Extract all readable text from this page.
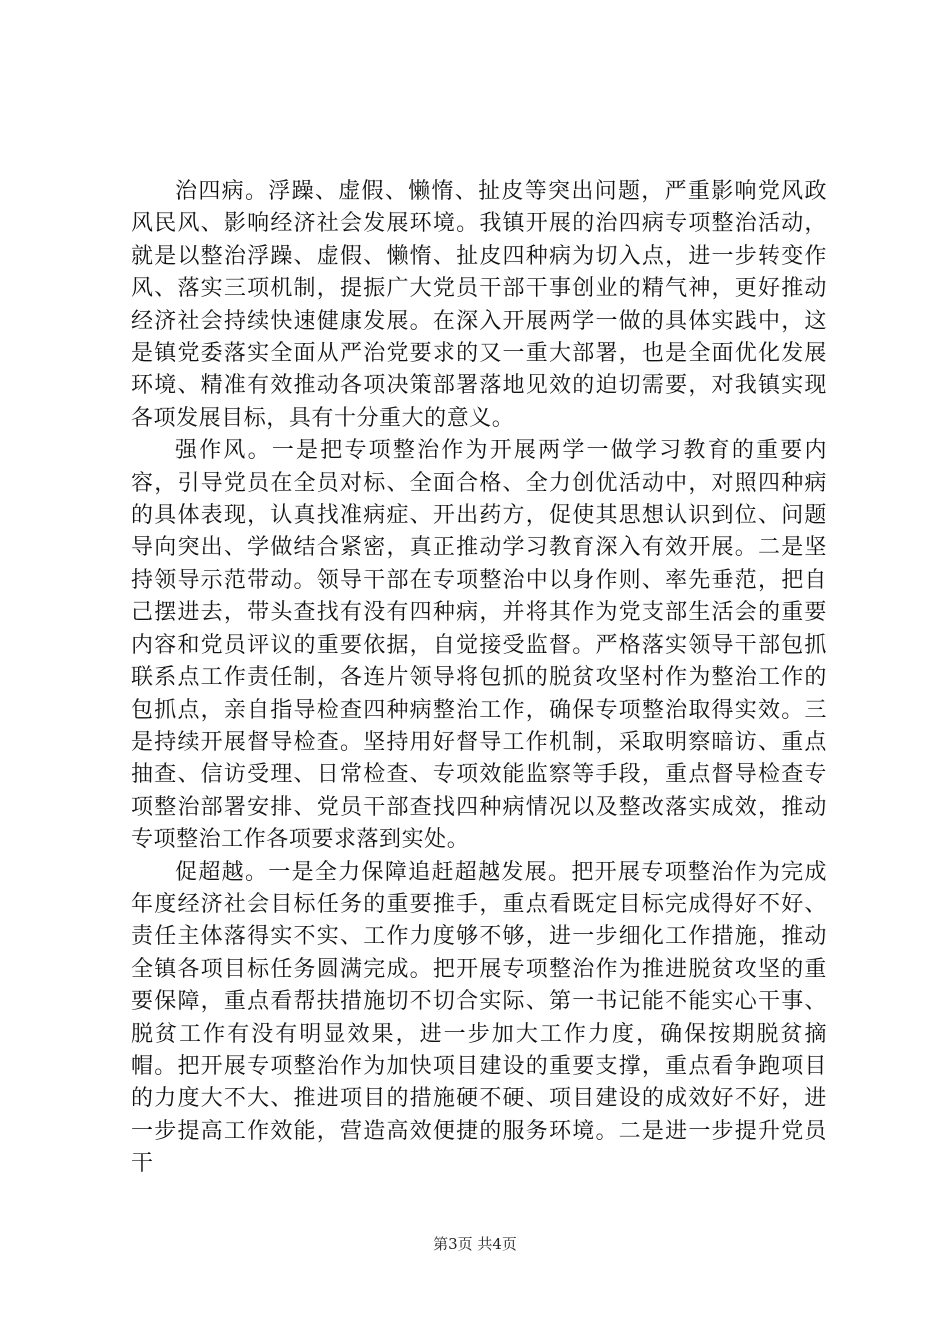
治四病。浮躁、虚假、懒惰、扯皮等突出问题，严重影响党风政风民风、影响经济社会发展环境。我镇开展的治四病专项整治活动，就是以整治浮躁、虚假、懒惰、扯皮四种病为切入点，进一步转变作风、落实三项机制，提振广大党员干部干事创业的精气神，更好推动经济社会持续快速健康发展。在深入开展两学一做的具体实践中，这是镇党委落实全面从严治党要求的又一重大部署，也是全面优化发展环境、精准有效推动各项决策部署落地见效的迫切需要，对我镇实现各项发展目标，具有十分重大的意义。

强作风。一是把专项整治作为开展两学一做学习教育的重要内容，引导党员在全员对标、全面合格、全力创优活动中，对照四种病的具体表现，认真找准病症、开出药方，促使其思想认识到位、问题导向突出、学做结合紧密，真正推动学习教育深入有效开展。二是坚持领导示范带动。领导干部在专项整治中以身作则、率先垂范，把自己摆进去，带头查找有没有四种病，并将其作为党支部生活会的重要内容和党员评议的重要依据，自觉接受监督。严格落实领导干部包抓联系点工作责任制，各连片领导将包抓的脱贫攻坚村作为整治工作的包抓点，亲自指导检查四种病整治工作，确保专项整治取得实效。三是持续开展督导检查。坚持用好督导工作机制，采取明察暗访、重点抽查、信访受理、日常检查、专项效能监察等手段，重点督导检查专项整治部署安排、党员干部查找四种病情况以及整改落实成效，推动专项整治工作各项要求落到实处。

促超越。一是全力保障追赶超越发展。把开展专项整治作为完成年度经济社会目标任务的重要推手，重点看既定目标完成得好不好、责任主体落得实不实、工作力度够不够，进一步细化工作措施，推动全镇各项目标任务圆满完成。把开展专项整治作为推进脱贫攻坚的重要保障，重点看帮扶措施切不切合实际、第一书记能不能实心干事、脱贫工作有没有明显效果，进一步加大工作力度，确保按期脱贫摘帽。把开展专项整治作为加快项目建设的重要支撑，重点看争跑项目的力度大不大、推进项目的措施硬不硬、项目建设的成效好不好，进一步提高工作效能，营造高效便捷的服务环境。二是进一步提升党员干

第3页 共4页
